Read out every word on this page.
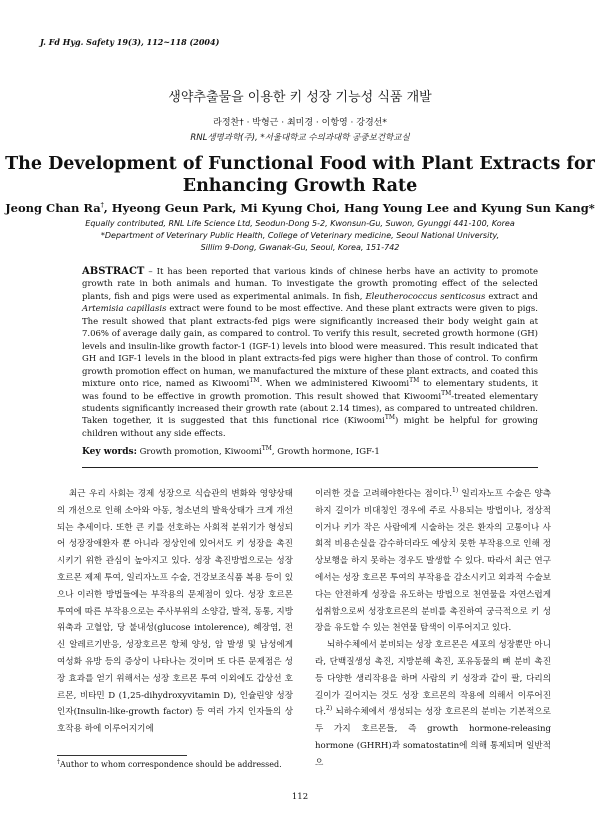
J. Fd Hyg. Safety 19(3), 112~118 (2004)
생약추출물을 이용한 키 성장 기능성 식품 개발
라정찬† · 박형근 · 최미경 · 이항영 · 강경선*
RNL생명과학(주), *서울대학교 수의과대학 공중보건학교실
The Development of Functional Food with Plant Extracts for
Enhancing Growth Rate
Jeong Chan Ra†, Hyeong Geun Park, Mi Kyung Choi, Hang Young Lee and Kyung Sun Kang*
Equally contributed, RNL Life Science Ltd, Seodun-Dong 5-2, Kwonsun-Gu, Suwon, Gyunggi 441-100, Korea
*Department of Veterinary Public Health, College of Veterinary medicine, Seoul National University,
Sillim 9-Dong, Gwanak-Gu, Seoul, Korea, 151-742
ABSTRACT – It has been reported that various kinds of chinese herbs have an activity to promote growth rate in both animals and human. To investigate the growth promoting effect of the selected plants, fish and pigs were used as experimental animals. In fish, Eleutherococcus senticosus extract and Artemisia capillasis extract were found to be most effective. And these plant extracts were given to pigs. The result showed that plant extracts-fed pigs were significantly increased their body weight gain at 7.06% of average daily gain, as compared to control. To verify this result, secreted growth hormone (GH) levels and insulin-like growth factor-1 (IGF-1) levels into blood were measured. This result indicated that GH and IGF-1 levels in the blood in plant extracts-fed pigs were higher than those of control. To confirm growth promotion effect on human, we manufactured the mixture of these plant extracts, and coated this mixture onto rice, named as Kiwoomi™. When we administered Kiwoomi™ to elementary students, it was found to be effective in growth promotion. This result showed that Kiwoomi™-treated elementary students significantly increased their growth rate (about 2.14 times), as compared to untreated children. Taken together, it is suggested that this functional rice (Kiwoomi™) might be helpful for growing children without any side effects.
Key words: Growth promotion, Kiwoomi™, Growth hormone, IGF-1

최근 우리 사회는 경제 성장으로 식습관의 변화와 영양상태의 개선으로 인해 소아와 아동, 청소년의 발육상태가 크게 개선되는 추세이다. 또한 큰 키를 선호하는 사회적 분위기가 형성되어 성장장애환자 뿐 아니라 정상인에 있어서도 키 성장을 촉진시키기 위한 관심이 높아지고 있다. 성장 촉진방법으로는 성장 호르몬 제제 투여, 일리자노프 수술, 건강보조식품 복용 등이 있으나 이러한 방법들에는 부작용의 문제점이 있다. 성장 호르몬 투여에 따른 부작용으로는 주사부위의 소양감, 발적, 동통, 지방위축과 고혈압, 당 불내성(glucose intolerence), 혜장염, 전신 알레르기반응, 성장호르몬 항체 양성, 암 발생 및 남성에게 여성화 유방 등의 증상이 나타나는 것이며 또 다른 문제점은 성장 효과를 얻기 위해서는 성장 호르몬 투여 이외에도 갑상선 호르몬, 비타민 D (1,25-dihydroxyvitamin D), 인슐린양 성장인자(Insulin-like-growth factor) 등 여러 가지 인자들의 상호작용 하에 이루어지기에

이러한 것을 고려해야한다는 점이다.$^{1)}$ 일리자노프 수술은 양측 하지 길이가 비대칭인 경우에 주로 사용되는 방법이나, 정상적이거나 키가 작은 사람에게 시술하는 것은 환자의 고통이나 사회적 비용손실을 감수하더라도 예상치 못한 부작용으로 인해 정상보행을 하지 못하는 경우도 발생할 수 있다. 따라서 최근 연구에서는 성장 호르몬 투여의 부작용을 감소시키고 외과적 수술보다는 안전하게 성장을 유도하는 방법으로 천연물을 자연스럽게 섭취함으로써 성장호르몬의 분비를 촉진하여 궁극적으로 키 성장을 유도할 수 있는 천연물 탐색이 이루어지고 있다.

뇌하수체에서 분비되는 성장 호르몬은 세포의 성장뿐만 아니라, 단백질생성 촉진, 지방분해 촉진, 포유동물의 뼈 분비 촉진 등 다양한 생리작용을 하며 사람의 키 성장과 같이 팔, 다리의 길이가 길어지는 것도 성장 호르몬의 작용에 의해서 이루어진다.$^{2)}$ 뇌하수체에서 생성되는 성장 호르몬의 분비는 기본적으로 두 가지 호르몬들, 즉 growth hormone-releasing hormone (GHRH)과 somatostatin에 의해 통제되며 일반적으

†Author to whom correspondence should be addressed.
112
